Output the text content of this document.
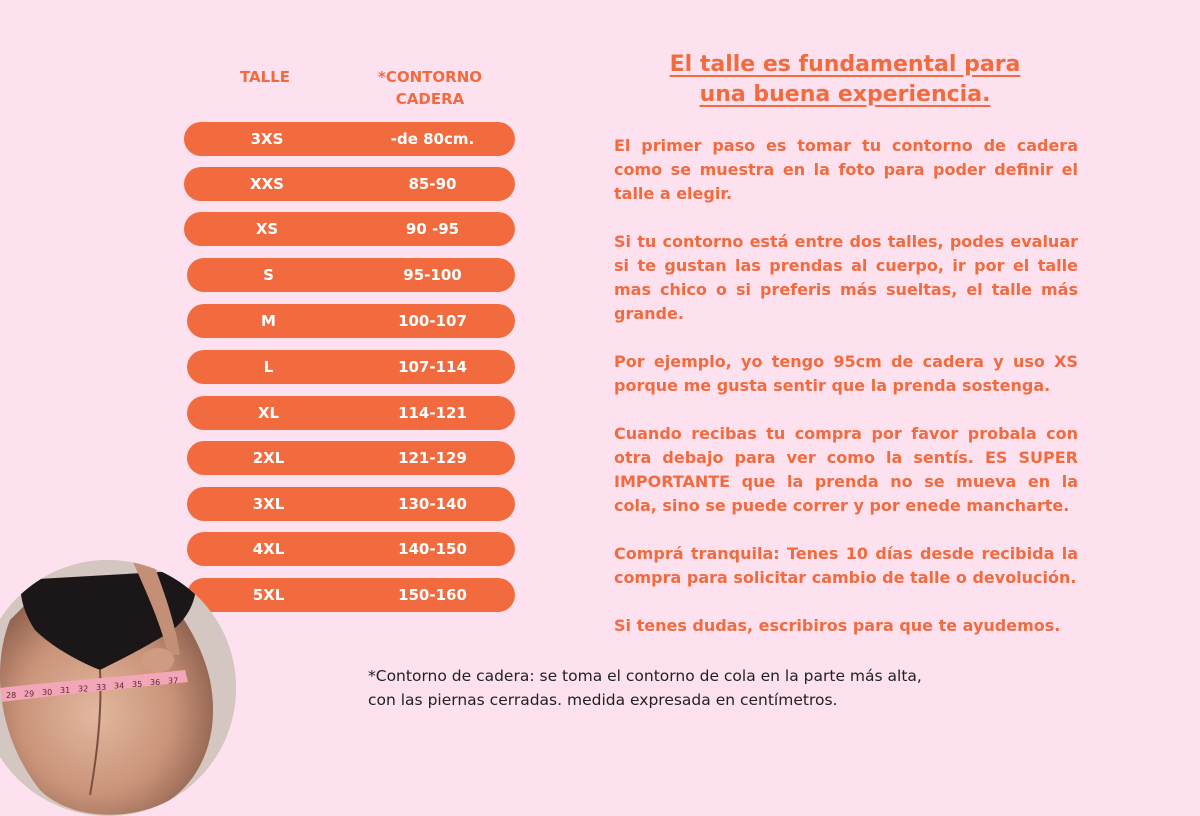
TALLE	*CONTORNO
CADERA
3XS	-de 80cm.
XXS	85-90
XS	90 -95
S	95-100
M	100-107
L	107-114
XL	114-121
2XL	121-129
3XL	130-140
4XL	140-150
5XL	150-160
El talle es fundamental para
una buena experiencia.

El primer paso es tomar tu contorno de cadera como se muestra en la foto para poder definir el talle a elegir.

Si tu contorno está entre dos talles, podes evaluar si te gustan las prendas al cuerpo, ir por el talle mas chico o si preferis más sueltas, el talle más grande.

Por ejemplo, yo tengo 95cm de cadera y uso XS porque me gusta sentir que la prenda sostenga.

Cuando recibas tu compra por favor probala con otra debajo para ver como la sentís. ES SUPER IMPORTANTE que la prenda no se mueva en la cola, sino se puede correr y por enede mancharte.

Comprá tranquila: Tenes 10 días desde recibida la compra para solicitar cambio de talle o devolución.

Si tenes dudas, escribiros para que te ayudemos.

*Contorno de cadera: se toma el contorno de cola en la parte más alta, con las piernas cerradas. medida expresada en centímetros.
28 29 30 31 32 33 34 35 36 37
